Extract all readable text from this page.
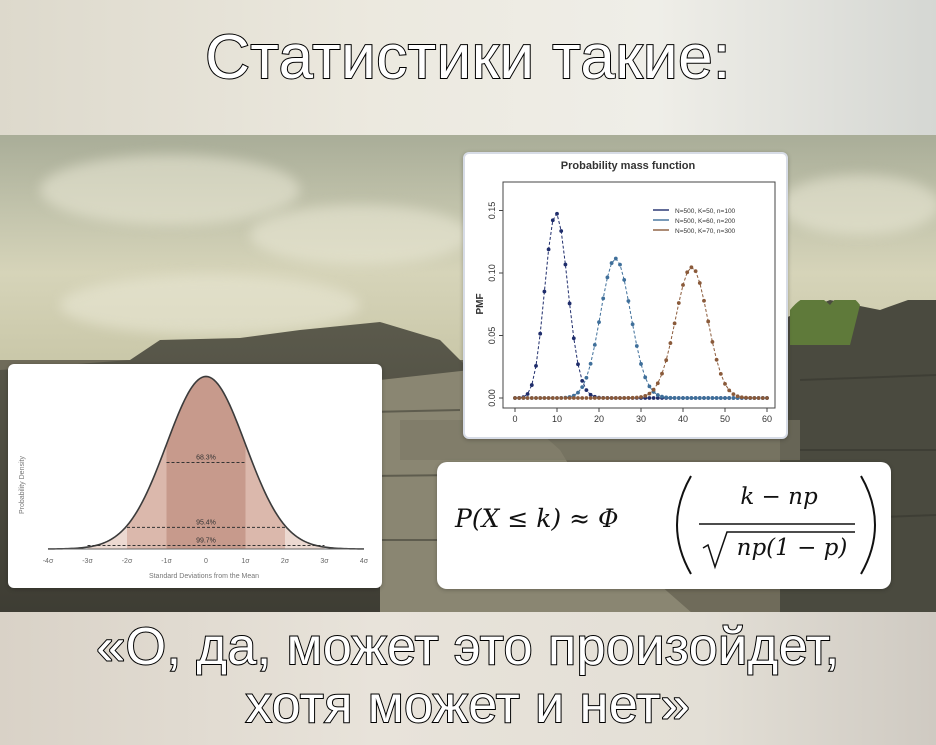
Статистики такие:
-4σ	-3σ	-2σ	-1σ	0	1σ	2σ	3σ	4σ
Probability Density
Standard Deviations from the Mean
68.3%
95.4%
99.7%
Probability mass function
0	10	20	30	40	50	60
0.00
0.05
0.10
0.15
PMF
N=500, K=50, n=100
N=500, K=60, n=200
N=500, K=70, n=300
P(X ≤ k) ≈ Φ
k − np
np(1 − p)
«О, да, может это произойдет,
хотя может и нет»
